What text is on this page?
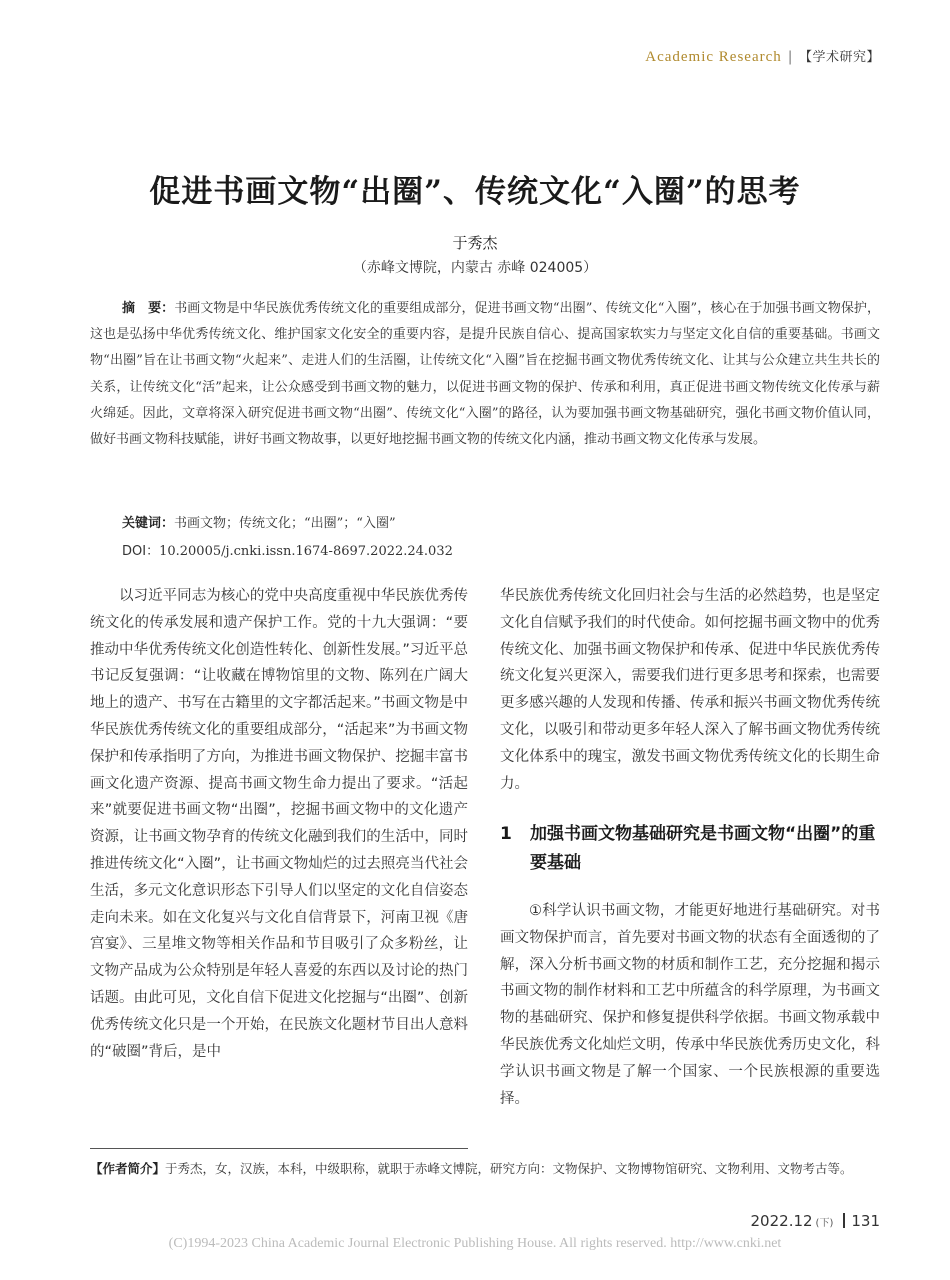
Academic Research | 【学术研究】
促进书画文物“出圈”、传统文化“入圈”的思考
于秀杰
（赤峰文博院，内蒙古 赤峰 024005）
摘　要：书画文物是中华民族优秀传统文化的重要组成部分，促进书画文物“出圈”、传统文化“入圈”，核心在于加强书画文物保护，这也是弘扬中华优秀传统文化、维护国家文化安全的重要内容，是提升民族自信心、提高国家软实力与坚定文化自信的重要基础。书画文物“出圈”旨在让书画文物“火起来”、走进人们的生活圈，让传统文化“入圈”旨在挖掘书画文物优秀传统文化、让其与公众建立共生共长的关系，让传统文化“活”起来，让公众感受到书画文物的魅力，以促进书画文物的保护、传承和利用，真正促进书画文物传统文化传承与薪火绵延。因此，文章将深入研究促进书画文物“出圈”、传统文化“入圈”的路径，认为要加强书画文物基础研究，强化书画文物价值认同，做好书画文物科技赋能，讲好书画文物故事，以更好地挖掘书画文物的传统文化内涵，推动书画文物文化传承与发展。
关键词：书画文物；传统文化；“出圈”；“入圈”
DOI：10.20005/j.cnki.issn.1674-8697.2022.24.032

以习近平同志为核心的党中央高度重视中华民族优秀传统文化的传承发展和遗产保护工作。党的十九大强调：“要推动中华优秀传统文化创造性转化、创新性发展。”习近平总书记反复强调：“让收藏在博物馆里的文物、陈列在广阔大地上的遗产、书写在古籍里的文字都活起来。”书画文物是中华民族优秀传统文化的重要组成部分，“活起来”为书画文物保护和传承指明了方向，为推进书画文物保护、挖掘丰富书画文化遗产资源、提高书画文物生命力提出了要求。“活起来”就要促进书画文物“出圈”，挖掘书画文物中的文化遗产资源，让书画文物孕育的传统文化融到我们的生活中，同时推进传统文化“入圈”，让书画文物灿烂的过去照亮当代社会生活，多元文化意识形态下引导人们以坚定的文化自信姿态走向未来。如在文化复兴与文化自信背景下，河南卫视《唐宫宴》、三星堆文物等相关作品和节目吸引了众多粉丝，让文物产品成为公众特别是年轻人喜爱的东西以及讨论的热门话题。由此可见，文化自信下促进文化挖掘与“出圈”、创新优秀传统文化只是一个开始，在民族文化题材节目出人意料的“破圈”背后，是中

华民族优秀传统文化回归社会与生活的必然趋势，也是坚定文化自信赋予我们的时代使命。如何挖掘书画文物中的优秀传统文化、加强书画文物保护和传承、促进中华民族优秀传统文化复兴更深入，需要我们进行更多思考和探索，也需要更多感兴趣的人发现和传播、传承和振兴书画文物优秀传统文化，以吸引和带动更多年轻人深入了解书画文物优秀传统文化体系中的瑰宝，激发书画文物优秀传统文化的长期生命力。

1	加强书画文物基础研究是书画文物“出圈”的重要基础

①科学认识书画文物，才能更好地进行基础研究。对书画文物保护而言，首先要对书画文物的状态有全面透彻的了解，深入分析书画文物的材质和制作工艺，充分挖掘和揭示书画文物的制作材料和工艺中所蕴含的科学原理，为书画文物的基础研究、保护和修复提供科学依据。书画文物承载中华民族优秀文化灿烂文明，传承中华民族优秀历史文化，科学认识书画文物是了解一个国家、一个民族根源的重要选择。

【作者简介】于秀杰，女，汉族，本科，中级职称，就职于赤峰文博院，研究方向：文物保护、文物博物馆研究、文物利用、文物考古等。
2022.12 (下) 131
(C)1994-2023 China Academic Journal Electronic Publishing House. All rights reserved. http://www.cnki.net
